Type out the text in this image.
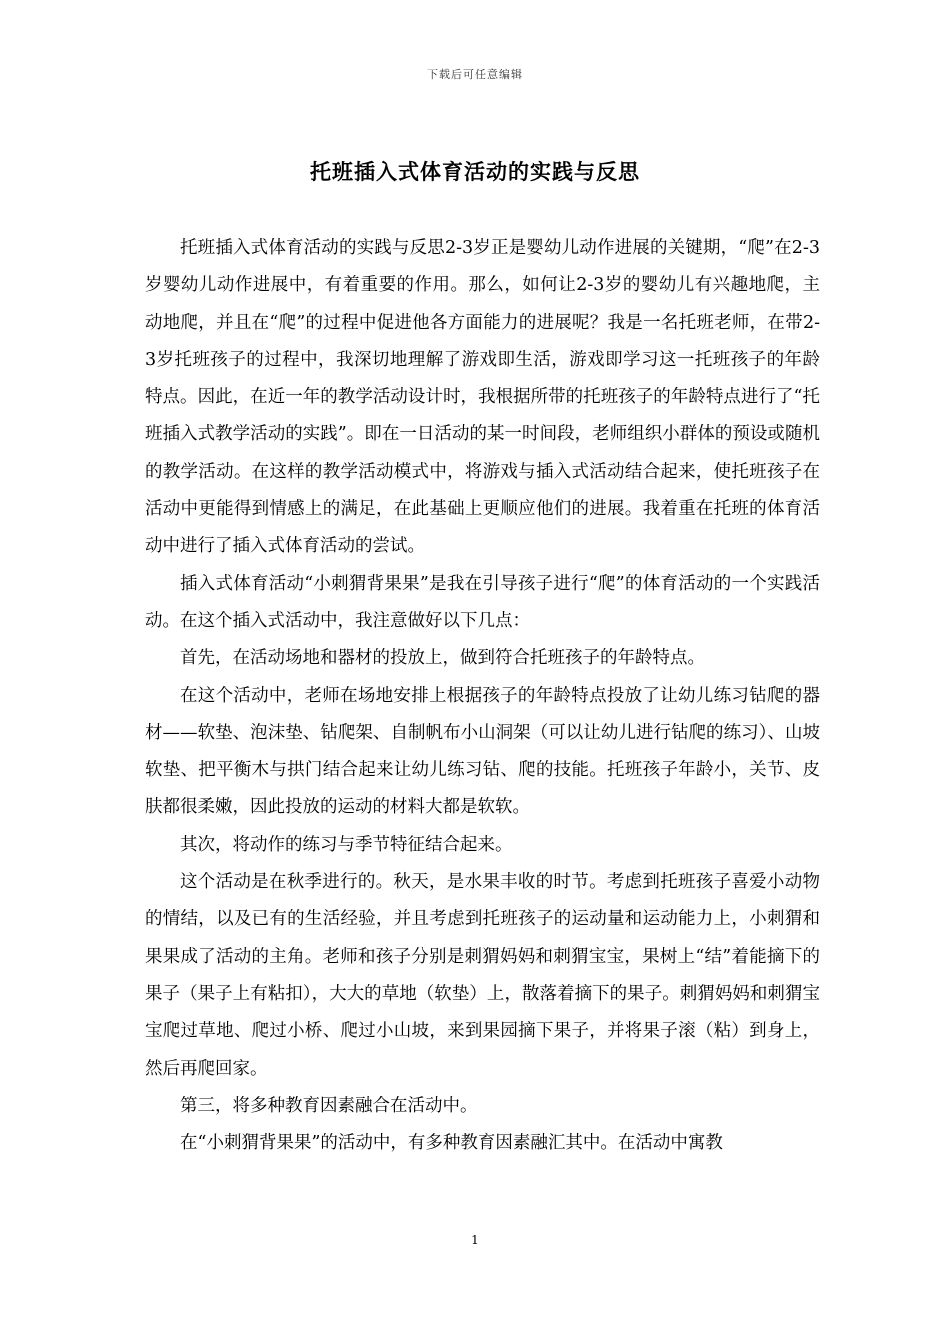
下载后可任意编辑
托班插入式体育活动的实践与反思

托班插入式体育活动的实践与反思2-3岁正是婴幼儿动作进展的关键期，“爬”在2-3岁婴幼儿动作进展中，有着重要的作用。那么，如何让2-3岁的婴幼儿有兴趣地爬，主动地爬，并且在“爬”的过程中促进他各方面能力的进展呢？我是一名托班老师，在带2-3岁托班孩子的过程中，我深切地理解了游戏即生活，游戏即学习这一托班孩子的年龄特点。因此，在近一年的教学活动设计时，我根据所带的托班孩子的年龄特点进行了“托班插入式教学活动的实践”。即在一日活动的某一时间段，老师组织小群体的预设或随机的教学活动。在这样的教学活动模式中，将游戏与插入式活动结合起来，使托班孩子在活动中更能得到情感上的满足，在此基础上更顺应他们的进展。我着重在托班的体育活动中进行了插入式体育活动的尝试。

插入式体育活动“小刺猬背果果”是我在引导孩子进行“爬”的体育活动的一个实践活动。在这个插入式活动中，我注意做好以下几点：

首先，在活动场地和器材的投放上，做到符合托班孩子的年龄特点。

在这个活动中，老师在场地安排上根据孩子的年龄特点投放了让幼儿练习钻爬的器材——软垫、泡沫垫、钻爬架、自制帆布小山洞架（可以让幼儿进行钻爬的练习）、山坡软垫、把平衡木与拱门结合起来让幼儿练习钻、爬的技能。托班孩子年龄小，关节、皮肤都很柔嫩，因此投放的运动的材料大都是软软。

其次，将动作的练习与季节特征结合起来。

这个活动是在秋季进行的。秋天，是水果丰收的时节。考虑到托班孩子喜爱小动物的情结，以及已有的生活经验，并且考虑到托班孩子的运动量和运动能力上，小刺猬和果果成了活动的主角。老师和孩子分别是刺猬妈妈和刺猬宝宝，果树上“结”着能摘下的果子（果子上有粘扣），大大的草地（软垫）上，散落着摘下的果子。刺猬妈妈和刺猬宝宝爬过草地、爬过小桥、爬过小山坡，来到果园摘下果子，并将果子滚（粘）到身上，然后再爬回家。

第三，将多种教育因素融合在活动中。

在“小刺猬背果果”的活动中，有多种教育因素融汇其中。在活动中寓教

1
